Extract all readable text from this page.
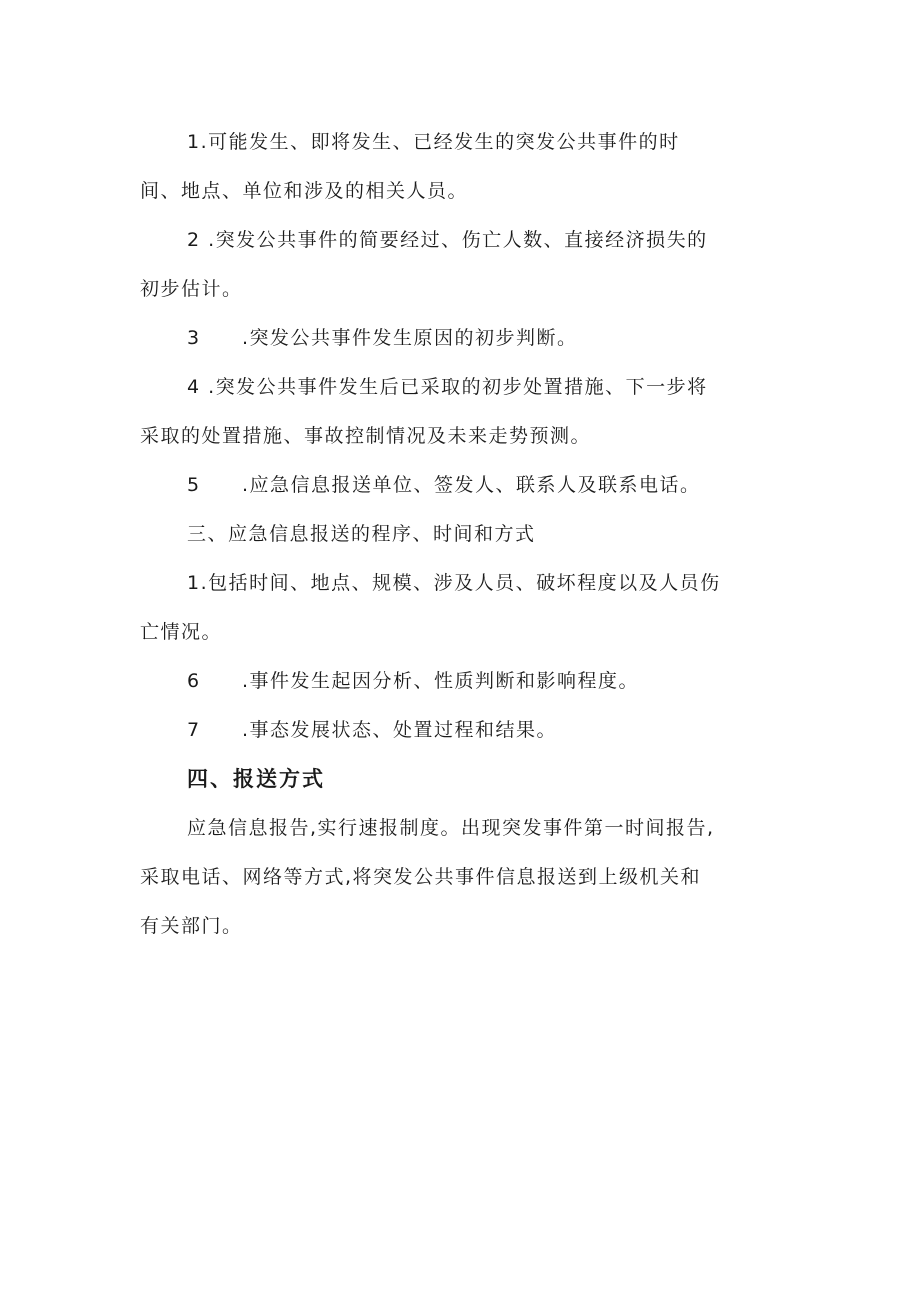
1.可能发生、即将发生、已经发生的突发公共事件的时
间、地点、单位和涉及的相关人员。
2 .突发公共事件的简要经过、伤亡人数、直接经济损失的
初步估计。
3 .突发公共事件发生原因的初步判断。
4 .突发公共事件发生后已采取的初步处置措施、下一步将
采取的处置措施、事故控制情况及未来走势预测。
5 .应急信息报送单位、签发人、联系人及联系电话。
三、应急信息报送的程序、时间和方式
1.包括时间、地点、规模、涉及人员、破坏程度以及人员伤
亡情况。
6 .事件发生起因分析、性质判断和影响程度。
7 .事态发展状态、处置过程和结果。
四、报送方式
应急信息报告,实行速报制度。出现突发事件第一时间报告,
采取电话、网络等方式,将突发公共事件信息报送到上级机关和
有关部门。
